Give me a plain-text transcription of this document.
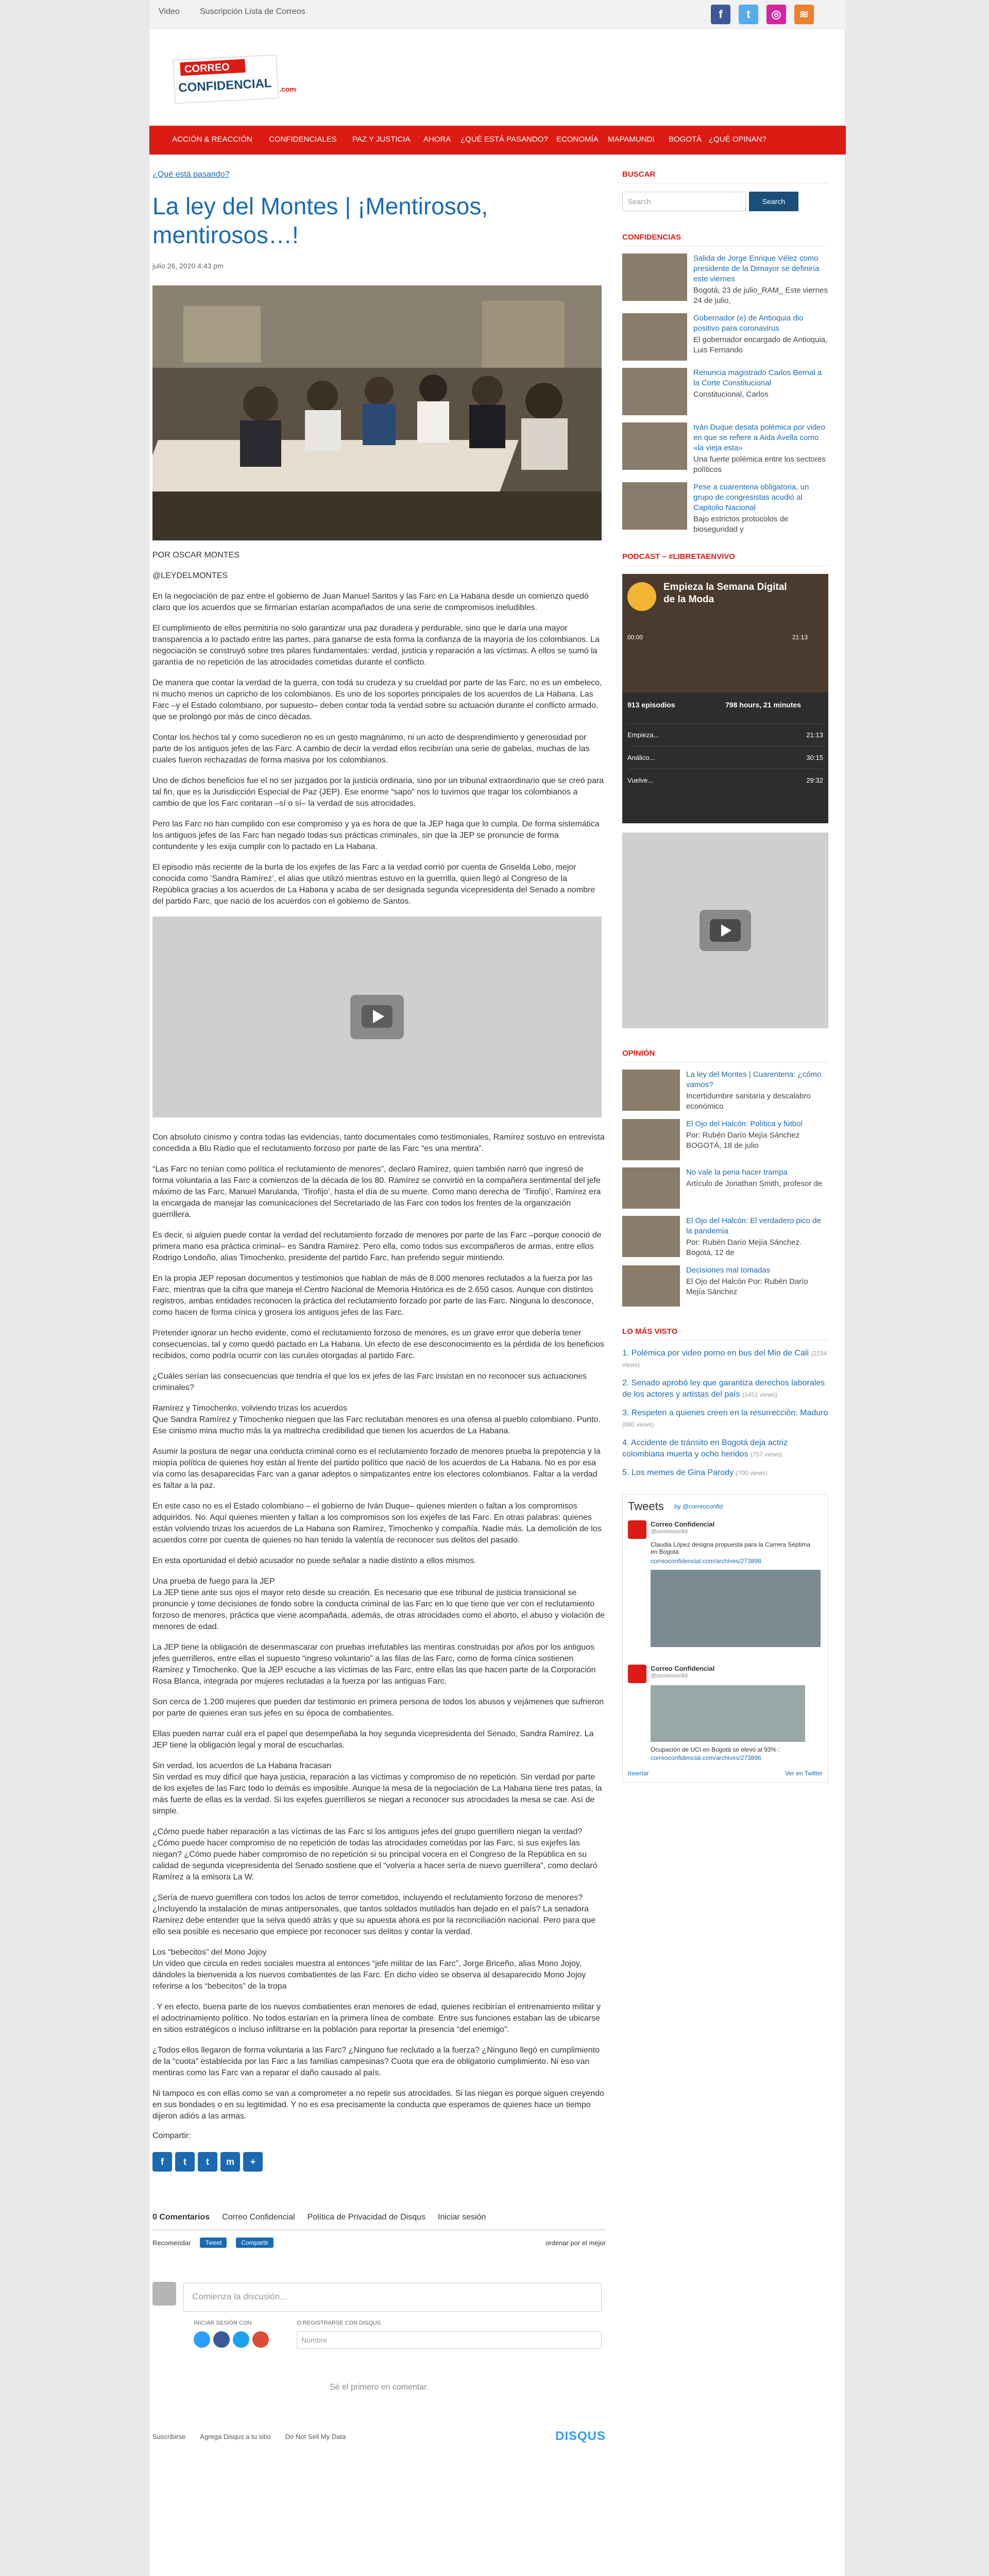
Video Suscripción Lista de Correos	f	t	◎	≋
CORREO
CONFIDENCIAL .com
ACCIÓN & REACCIÓN CONFIDENCIALES PAZ Y JUSTICIA AHORA ¿QUÉ ESTÁ PASANDO? ECONOMÍA MAPAMUNDI BOGOTÁ ¿QUÉ OPINAN?
¿Qué está pasando?
La ley del Montes | ¡Mentirosos, mentirosos…!
julio 26, 2020 4:43 pm

POR OSCAR MONTES

@LEYDELMONTES

En la negociación de paz entre el gobierno de Juan Manuel Santos y las Farc en La Habana desde un comienzo quedó claro que los acuerdos que se firmarían estarían acompañados de una serie de compromisos ineludibles.

El cumplimiento de ellos permitiría no solo garantizar una paz duradera y perdurable, sino que le daría una mayor transparencia a lo pactado entre las partes, para ganarse de esta forma la confianza de la mayoría de los colombianos. La negociación se construyó sobre tres pilares fundamentales: verdad, justicia y reparación a las víctimas. A ellos se sumó la garantía de no repetición de las atrocidades cometidas durante el conflicto.

De manera que contar la verdad de la guerra, con todá su crudeza y su crueldad por parte de las Farc, no es un embeleco, ni mucho menos un capricho de los colombianos. Es uno de los soportes principales de los acuerdos de La Habana. Las Farc –y el Estado colombiano, por supuesto– deben contar toda la verdad sobre su actuación durante el conflicto armado, que se prolongó por más de cinco décadas.

Contar los hechos tal y como sucedieron no es un gesto magnánimo, ni un acto de desprendimiento y generosidad por parte de los antiguos jefes de las Farc. A cambio de decir la verdad ellos recibirían una serie de gabelas, muchas de las cuales fueron rechazadas de forma masiva por los colombianos.

Uno de dichos beneficios fue el no ser juzgados por la justicia ordinaria, sino por un tribunal extraordinario que se creó para tal fin, que es la Jurisdicción Especial de Paz (JEP). Ese enorme “sapo” nos lo tuvimos que tragar los colombianos a cambio de que los Farc contaran –sí o sí– la verdad de sus atrocidades.

Pero las Farc no han cumplido con ese compromiso y ya es hora de que la JEP haga que lo cumpla. De forma sistemática los antiguos jefes de las Farc han negado todas sus prácticas criminales, sin que la JEP se pronuncie de forma contundente y les exija cumplir con lo pactado en La Habana.

El episodio más reciente de la burla de los exjefes de las Farc a la verdad corrió por cuenta de Griselda Lobo, mejor conocida como ‘Sandra Ramírez’, el alias que utilizó mientras estuvo en la guerrilla, quien llegó al Congreso de la República gracias a los acuerdos de La Habana y acaba de ser designada segunda vicepresidenta del Senado a nombre del partido Farc, que nació de los acuerdos con el gobierno de Santos.

Con absoluto cinismo y contra todas las evidencias, tanto documentales como testimoniales, Ramírez sostuvo en entrevista concedida a Blu Radio que el reclutamiento forzoso por parte de las Farc “es una mentira”.

“Las Farc no tenían como política el reclutamiento de menores”, declaró Ramírez, quien también narró que ingresó de forma voluntaria a las Farc a comienzos de la década de los 80. Ramírez se convirtió en la compañera sentimental del jefe máximo de las Farc, Manuel Marulanda, ‘Tirofijo’, hasta el día de su muerte. Como mano derecha de ‘Tirofijo’, Ramírez era la encargada de manejar las comunicaciones del Secretariado de las Farc con todos los frentes de la organización guerrillera.

Es decir, si alguien puede contar la verdad del reclutamiento forzado de menores por parte de las Farc –porque conoció de primera mano esa práctica criminal– es Sandra Ramírez. Pero ella, como todos sus excompañeros de armas, entre ellos Rodrigo Londoño, alias Timochenko, presidente del partido Farc, han preferido seguir mintiendo.

En la propia JEP reposan documentos y testimonios que hablan de más de 8.000 menores reclutados a la fuerza por las Farc, mientras que la cifra que maneja el Centro Nacional de Memoria Histórica es de 2.650 casos. Aunque con distintos registros, ambas entidades reconocen la práctica del reclutamiento forzado por parte de las Farc. Ninguna lo desconoce, como hacen de forma cínica y grosera los antiguos jefes de las Farc.

Pretender ignorar un hecho evidente, como el reclutamiento forzoso de menores, es un grave error que debería tener consecuencias, tal y como quedó pactado en La Habana. Un efecto de ese desconocimiento es la pérdida de los beneficios recibidos, como podría ocurrir con las curules otorgadas al partido Farc.

¿Cuáles serían las consecuencias que tendría el que los ex jefes de las Farc insistan en no reconocer sus actuaciones criminales?

Ramírez y Timochenko, volviendo trizas los acuerdos
Que Sandra Ramírez y Timochenko nieguen que las Farc reclutaban menores es una ofensa al pueblo colombiano. Punto. Ese cinismo mina mucho más la ya maltrecha credibilidad que tienen los acuerdos de La Habana.

Asumir la postura de negar una conducta criminal como es el reclutamiento forzado de menores prueba la prepotencia y la miopía política de quienes hoy están al frente del partido político que nació de los acuerdos de La Habana. No es por esa vía como las desaparecidas Farc van a ganar adeptos o simpatizantes entre los electores colombianos. Faltar a la verdad es faltar a la paz.

En este caso no es el Estado colombiano – el gobierno de Iván Duque– quienes mienten o faltan a los compromisos adquiridos. No. Aquí quienes mienten y faltan a los compromisos son los exjefes de las Farc. En otras palabras: quienes están volviendo trizas los acuerdos de La Habana son Ramírez, Timochenko y compañía. Nadie más. La demolición de los acuerdos corre por cuenta de quienes no han tenido la valentía de reconocer sus delitos del pasado.

En esta oportunidad el debió acusador no puede señalar a nadie distinto a ellos mismos.

Una prueba de fuego para la JEP
La JEP tiene ante sus ojos el mayor reto desde su creación. Es necesario que ese tribunal de justicia transicional se pronuncie y tome decisiones de fondo sobre la conducta criminal de las Farc en lo que tiene que ver con el reclutamiento forzoso de menores, práctica que viene acompañada, además, de otras atrocidades como el aborto, el abuso y violación de menores de edad.

La JEP tiene la obligación de desenmascarar con pruebas irrefutables las mentiras construidas por años por los antiguos jefes guerrilleros, entre ellas el supuesto “ingreso voluntario” a las filas de las Farc, como de forma cínica sostienen Ramírez y Timochenko. Que la JEP escuche a las víctimas de las Farc, entre ellas las que hacen parte de la Corporación Rosa Blanca, integrada por mujeres reclutadas a la fuerza por las antiguas Farc.

Son cerca de 1.200 mujeres que pueden dar testimonio en primera persona de todos los abusos y vejámenes que sufrieron por parte de quienes eran sus jefes en su época de combatientes.

Ellas pueden narrar cuál era el papel que desempeñaba la hoy segunda vicepresidenta del Senado, Sandra Ramírez. La JEP tiene la obligación legal y moral de escucharlas.

Sin verdad, los acuerdos de La Habana fracasan
Sin verdad es muy difícil que haya justicia, reparación a las víctimas y compromiso de no repetición. Sin verdad por parte de los exjefes de las Farc todo lo demás es imposible. Aunque la mesa de la negociación de La Habana tiene tres patas, la más fuerte de ellas es la verdad. Si los exjefes guerrilleros se niegan a reconocer sus atrocidades la mesa se cae. Así de simple.

¿Cómo puede haber reparación a las víctimas de las Farc si los antiguos jefes del grupo guerrillero niegan la verdad? ¿Cómo puede hacer compromiso de no repetición de todas las atrocidades cometidas por las Farc, si sus exjefes las niegan? ¿Cómo puede haber compromiso de no repetición si su principal vocera en el Congreso de la República en su calidad de segunda vicepresidenta del Senado sostiene que el “volvería a hacer sería de nuevo guerrillera”, como declaró Ramírez a la emisora La W.

¿Sería de nuevo guerrillera con todos los actos de terror cometidos, incluyendo el reclutamiento forzoso de menores? ¿Incluyendo la instalación de minas antipersonales, que tantos soldados mutilados han dejado en el país? La senadora Ramírez debe entender que la selva quedó atrás y que su apuesta ahora es por la reconciliación nacional. Pero para que ello sea posible es necesario que empiece por reconocer sus delitos y contar la verdad.

Los “bebecitos” del Mono Jojoy
Un video que circula en redes sociales muestra al entonces “jefe militar de las Farc”, Jorge Briceño, alias Mono Jojoy, dándoles la bienvenida a los nuevos combatientes de las Farc. En dicho video se observa al desaparecido Mono Jojoy referirse a los “bebecitos” de la tropa

. Y en efecto, buena parte de los nuevos combatientes eran menores de edad, quienes recibirían el entrenamiento militar y el adoctrinamiento político. No todos estarían en la primera línea de combate. Entre sus funciones estaban las de ubicarse en sitios estratégicos o incluso infiltrarse en la población para reportar la presencia “del enemigo”.

¿Todos ellos llegaron de forma voluntaria a las Farc? ¿Ninguno fue reclutado a la fuerza? ¿Ninguno llegó en cumplimiento de la “cuota” establecida por las Farc a las familias campesinas? Cuota que era de obligatorio cumplimiento. Ni eso van mentiras como las Farc van a reparar el daño causado al país.

Ni tampoco es con ellas como se van a comprometer a no repetir sus atrocidades. Si las niegan es porque siguen creyendo en sus bondades o en su legitimidad. Y no es esa precisamente la conducta que esperamos de quienes hace un tiempo dijeron adiós a las armas.

Compartir:
f	t	t	m	+
0 Comentarios Correo Confidencial Política de Privacidad de Disqus Iniciar sesión
Recomendar	Tweet	Compartir	ordenar por el mejor
Comienza la discusión...
INICIAR SESIÓN CON	O REGISTRARSE CON DISQUS
Nombre
Sé el primero en comentar.
Suscribirse Agrega Disqus a tu sitio Do Not Sell My Data	DISQUS
BUSCAR
Search	Search
CONFIDENCIAS
Salida de Jorge Enrique Vélez como presidente de la Dimayor se definiría este viernes
Bogotá, 23 de julio_RAM_ Este viernes 24 de julio,
Gobernador (e) de Antioquia dio positivo para coronavirus
El gobernador encargado de Antioquia, Luis Fernando
Renuncia magistrado Carlos Bernal a la Corte Constitucional
Constitucional, Carlos
Iván Duque desata polémica por video en que se refiere a Aida Avella como «la vieja esta»
Una fuerte polémica entre los sectores políticos
Pese a cuarentena obligatoria, un grupo de congresistas acudió al Capitolio Nacional
Bajo estrictos protocolos de bioseguridad y
PODCAST – #LIBRETAENVIVO
Empieza la Semana Digital de la Moda
00:00	21:13
913 episodios	798 hours, 21 minutes
Empieza...	21:13
Análico...	30:15
Vuelve...	29:32
OPINIÓN
La ley del Montes | Cuarentena: ¿cómo vamos?
Incertidumbre sanitaria y descalabro económico
El Ojo del Halcón: Política y fútbol
Por: Rubén Darío Mejía Sánchez BOGOTÁ, 18 de julio
No vale la pena hacer trampa
Artículo de Jonathan Smith, profesor de
El Ojo del Halcón: El verdadero pico de la pandemia
Por: Rubén Darío Mejía Sánchez. Bogotá, 12 de
Decisiones mal tomadas
El Ojo del Halcón Por: Rubén Darío Mejía Sánchez
LO MÁS VISTO
1. Polémica por video porno en bus del Mio de Cali (2234 views)
2. Senado aprobó ley que garantiza derechos laborales de los actores y artistas del país (1451 views)
3. Respeten a quienes creen en la resurrección: Maduro (880 views)
4. Accidente de tránsito en Bogotá deja actriz colombiana muerta y ocho heridos (757 views)
5. Los memes de Gina Parody (700 views)
Tweets by @correoconfid
Correo Confidencial
@correoconfid
Claudia López designa propuesta para la Carrera Séptima en Bogotá
correoconfidencial.com/archives/273898
Correo Confidencial
@correoconfid
Ocupación de UCI en Bogotá se elevó al 93% :
correoconfidencial.com/archives/273896
Insertar	Ver en Twitter
